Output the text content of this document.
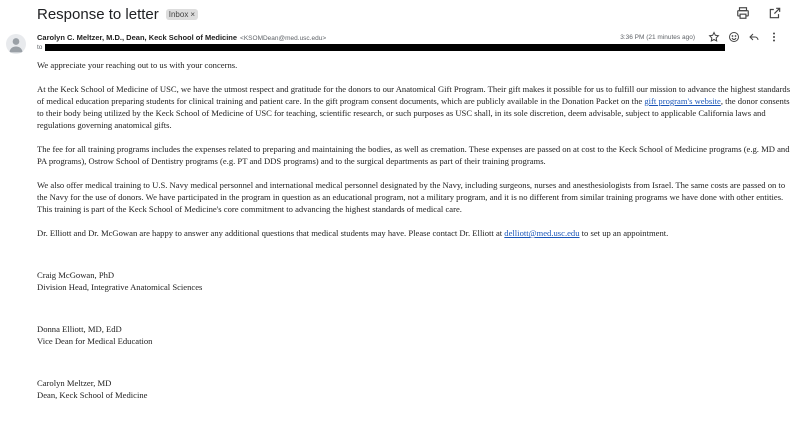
Response to letter Inbox ×
Carolyn C. Meltzer, M.D., Dean, Keck School of Medicine <KSOMDean@med.usc.edu>
to
3:36 PM (21 minutes ago)

We appreciate your reaching out to us with your concerns.

At the Keck School of Medicine of USC, we have the utmost respect and gratitude for the donors to our Anatomical Gift Program. Their gift makes it possible for us to fulfill our mission to advance the highest standards of medical education preparing students for clinical training and patient care. In the gift program consent documents, which are publicly available in the Donation Packet on the gift program's website, the donor consents to their body being utilized by the Keck School of Medicine of USC for teaching, scientific research, or such purposes as USC shall, in its sole discretion, deem advisable, subject to applicable California laws and regulations governing anatomical gifts.

The fee for all training programs includes the expenses related to preparing and maintaining the bodies, as well as cremation. These expenses are passed on at cost to the Keck School of Medicine programs (e.g. MD and PA programs), Ostrow School of Dentistry programs (e.g. PT and DDS programs) and to the surgical departments as part of their training programs.

We also offer medical training to U.S. Navy medical personnel and international medical personnel designated by the Navy, including surgeons, nurses and anesthesiologists from Israel. The same costs are passed on to the Navy for the use of donors. We have participated in the program in question as an educational program, not a military program, and it is no different from similar training programs we have done with other entities. This training is part of the Keck School of Medicine's core commitment to advancing the highest standards of medical care.

Dr. Elliott and Dr. McGowan are happy to answer any additional questions that medical students may have. Please contact Dr. Elliott at delliott@med.usc.edu to set up an appointment.

Craig McGowan, PhD

Division Head, Integrative Anatomical Sciences

Donna Elliott, MD, EdD

Vice Dean for Medical Education

Carolyn Meltzer, MD

Dean, Keck School of Medicine
